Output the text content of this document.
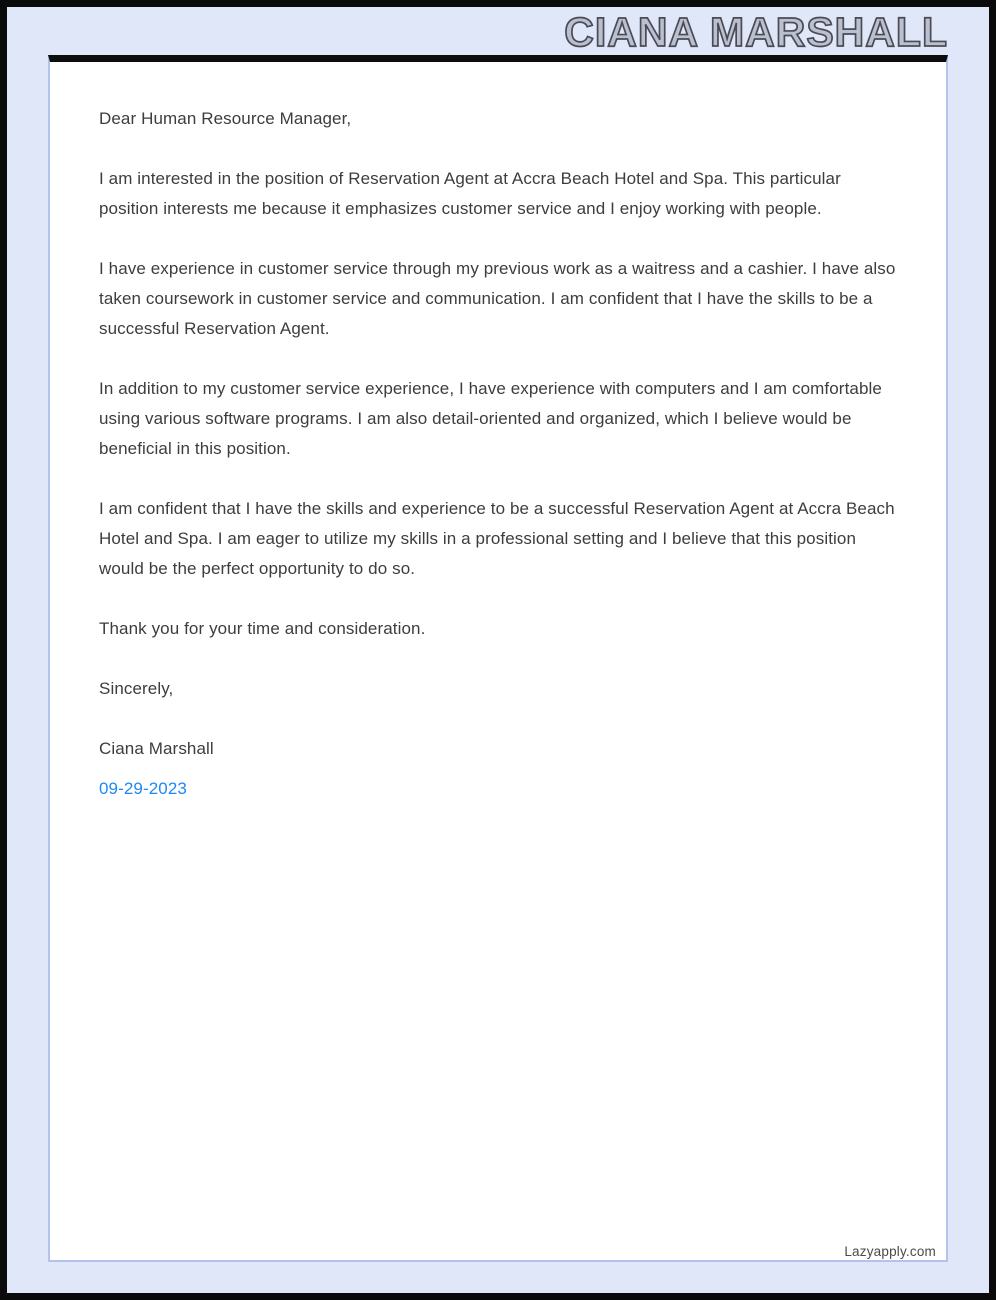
CIANA MARSHALL

Dear Human Resource Manager,

I am interested in the position of Reservation Agent at Accra Beach Hotel and Spa. This particular position interests me because it emphasizes customer service and I enjoy working with people.

I have experience in customer service through my previous work as a waitress and a cashier. I have also taken coursework in customer service and communication. I am confident that I have the skills to be a successful Reservation Agent.

In addition to my customer service experience, I have experience with computers and I am comfortable using various software programs. I am also detail-oriented and organized, which I believe would be beneficial in this position.

I am confident that I have the skills and experience to be a successful Reservation Agent at Accra Beach Hotel and Spa. I am eager to utilize my skills in a professional setting and I believe that this position would be the perfect opportunity to do so.

Thank you for your time and consideration.

Sincerely,

Ciana Marshall

09-29-2023

Lazyapply.com
